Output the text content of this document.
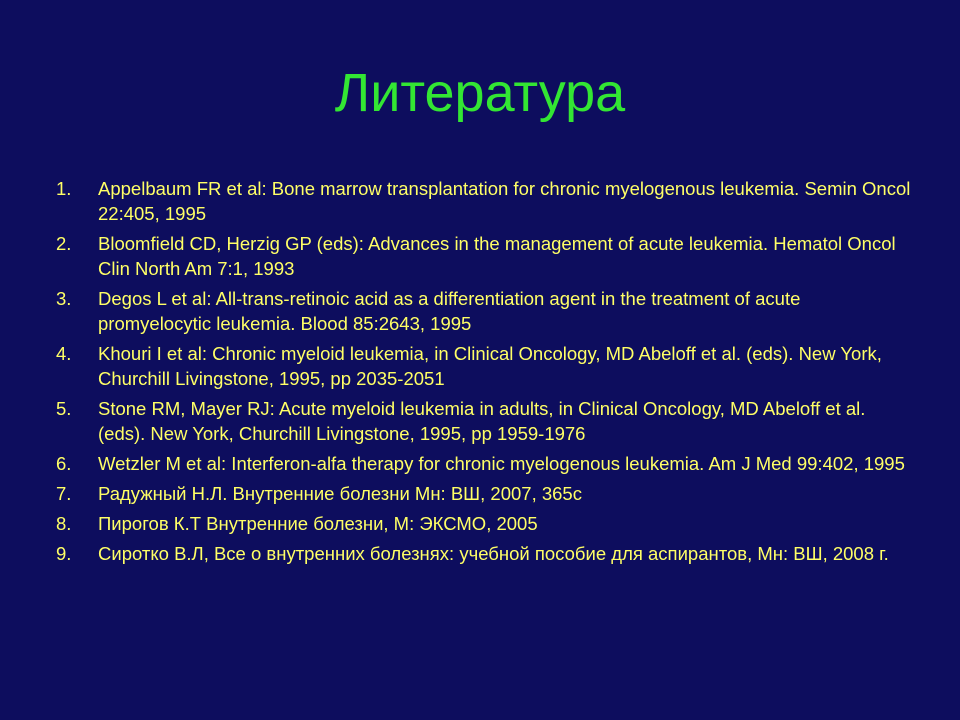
Литература
1.	Appelbaum FR et al: Bone marrow transplantation for chronic myelogenous leukemia. Semin Oncol 22:405, 1995
2.	Bloomfield CD, Herzig GP (eds): Advances in the management of acute leukemia. Hematol Oncol Clin North Am 7:1, 1993
3.	Degos L et al: All-trans-retinoic acid as a differentiation agent in the treatment of acute promyelocytic leukemia. Blood 85:2643, 1995
4.	Khouri I et al: Chronic myeloid leukemia, in Clinical Oncology, MD Abeloff et al. (eds). New York, Churchill Livingstone, 1995, pp 2035-2051
5.	Stone RM, Mayer RJ: Acute myeloid leukemia in adults, in Clinical Oncology, MD Abeloff et al. (eds). New York, Churchill Livingstone, 1995, pp 1959-1976
6.	Wetzler M et al: Interferon-alfa therapy for chronic myelogenous leukemia. Am J Med 99:402, 1995
7.	Радужный Н.Л. Внутренние болезни Мн: ВШ, 2007, 365с
8.	Пирогов К.Т Внутренние болезни, М: ЭКСМО, 2005
9.	Сиротко В.Л, Все о внутренних болезнях: учебной пособие для аспирантов, Мн: ВШ, 2008 г.
